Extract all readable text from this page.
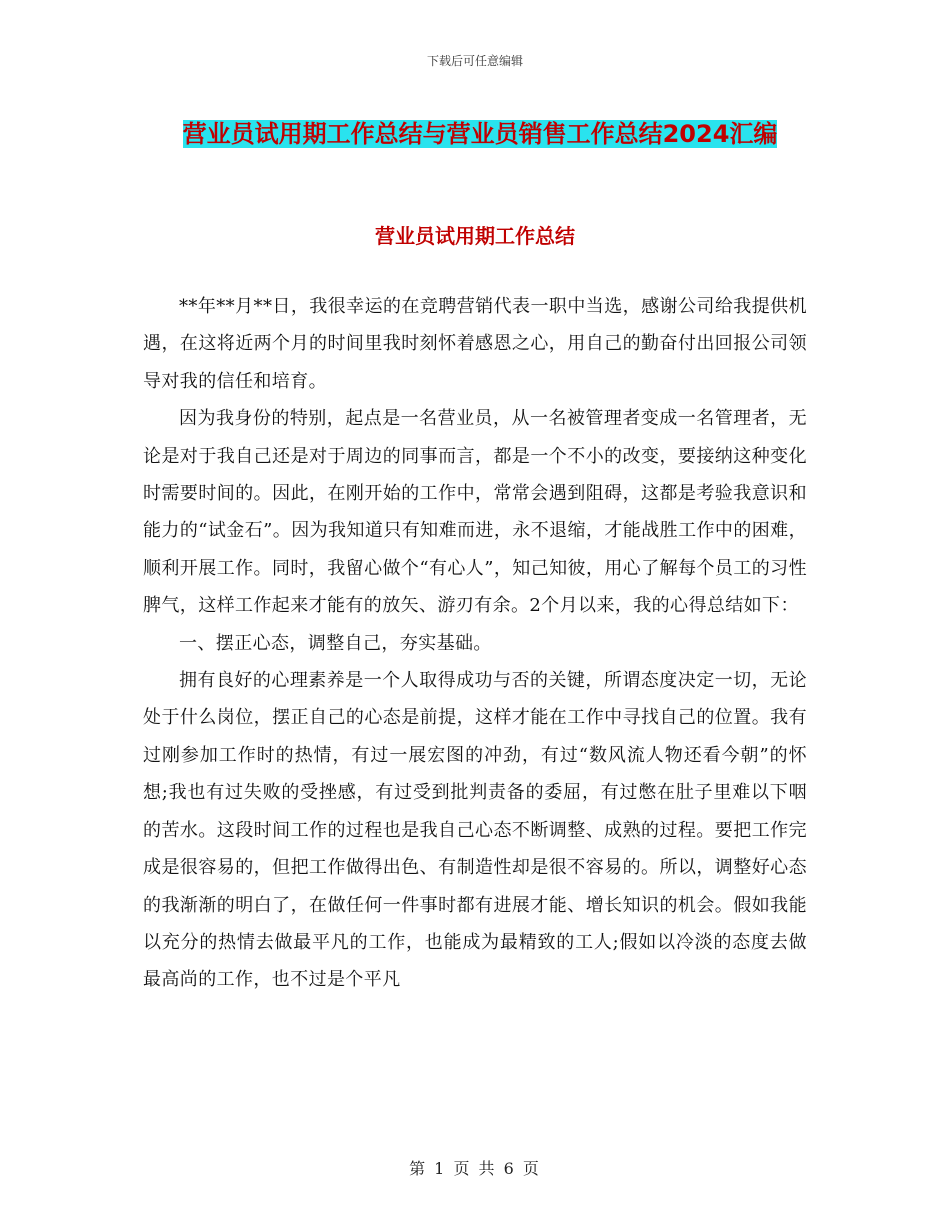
下载后可任意编辑
营业员试用期工作总结与营业员销售工作总结2024汇编
营业员试用期工作总结

**年**月**日，我很幸运的在竞聘营销代表一职中当选，感谢公司给我提供机遇，在这将近两个月的时间里我时刻怀着感恩之心，用自己的勤奋付出回报公司领导对我的信任和培育。

因为我身份的特别，起点是一名营业员，从一名被管理者变成一名管理者，无论是对于我自己还是对于周边的同事而言，都是一个不小的改变，要接纳这种变化时需要时间的。因此，在刚开始的工作中，常常会遇到阻碍，这都是考验我意识和能力的“试金石”。因为我知道只有知难而进，永不退缩，才能战胜工作中的困难，顺利开展工作。同时，我留心做个“有心人”，知己知彼，用心了解每个员工的习性脾气，这样工作起来才能有的放矢、游刃有余。2个月以来，我的心得总结如下：

一、摆正心态，调整自己，夯实基础。

拥有良好的心理素养是一个人取得成功与否的关键，所谓态度决定一切，无论处于什么岗位，摆正自己的心态是前提，这样才能在工作中寻找自己的位置。我有过刚参加工作时的热情，有过一展宏图的冲劲，有过“数风流人物还看今朝”的怀想;我也有过失败的受挫感，有过受到批判责备的委屈，有过憋在肚子里难以下咽的苦水。这段时间工作的过程也是我自己心态不断调整、成熟的过程。要把工作完成是很容易的，但把工作做得出色、有制造性却是很不容易的。所以，调整好心态的我渐渐的明白了，在做任何一件事时都有进展才能、增长知识的机会。假如我能以充分的热情去做最平凡的工作，也能成为最精致的工人;假如以冷淡的态度去做最高尚的工作，也不过是个平凡

第 1 页 共 6 页
